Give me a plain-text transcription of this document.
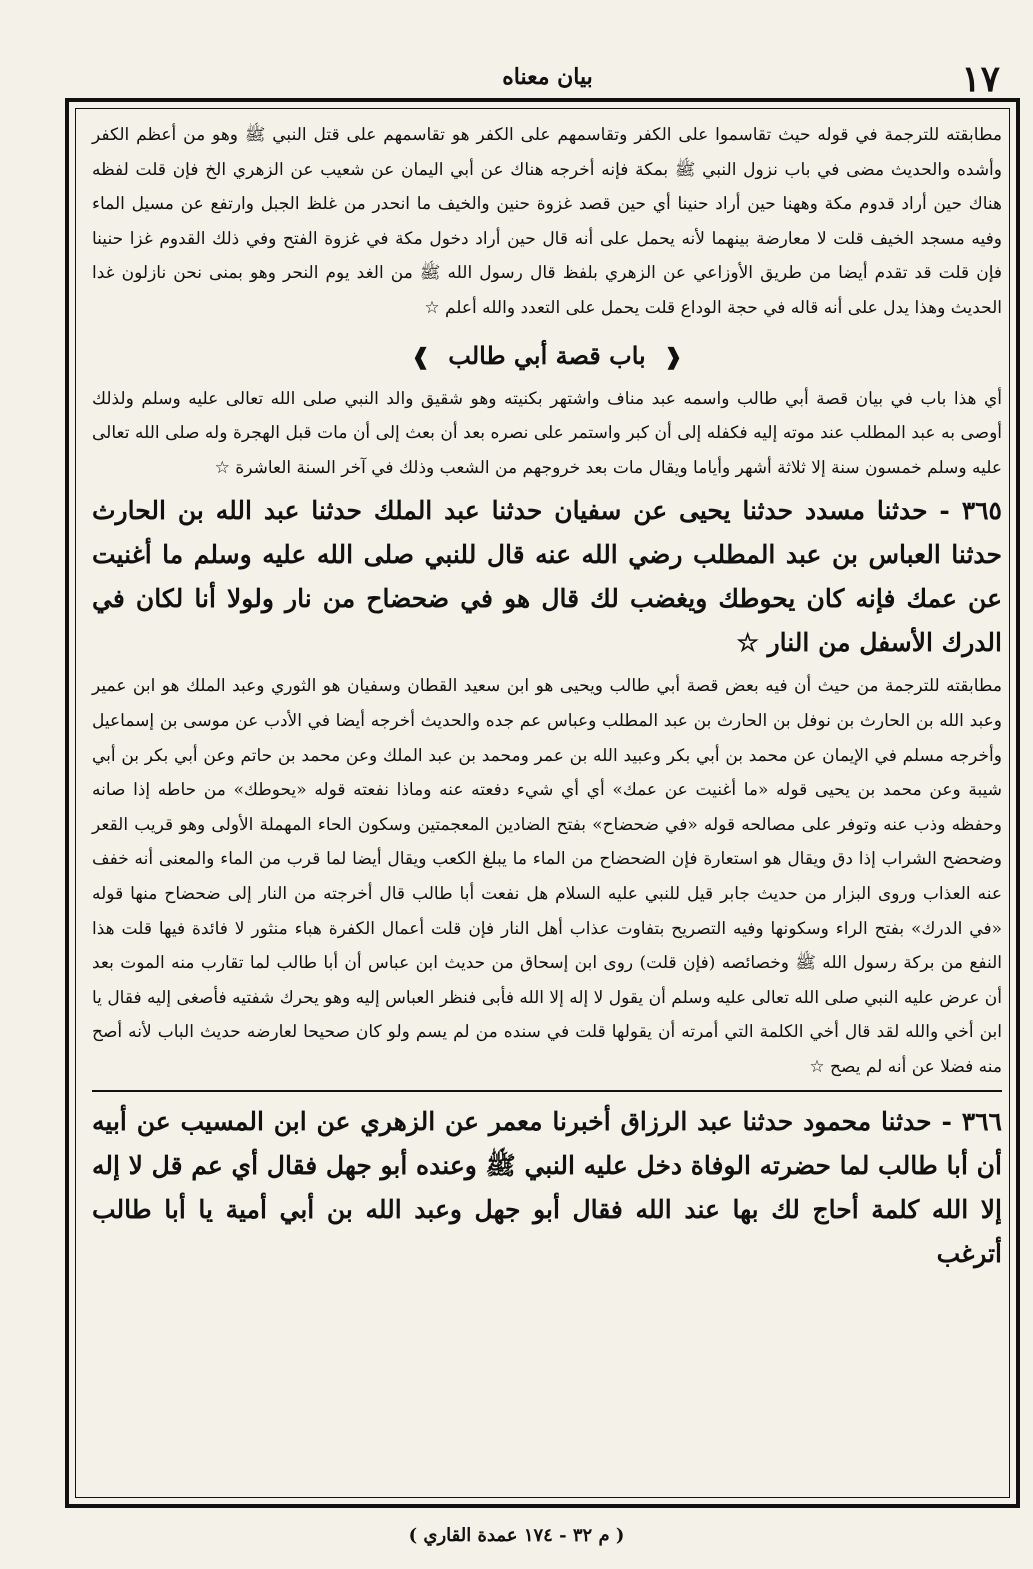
١٧
بيان معناه

مطابقته للترجمة في قوله حيث تقاسموا على الكفر وتقاسمهم على الكفر هو تقاسمهم على قتل النبي ﷺ وهو من أعظم الكفر وأشده والحديث مضى في باب نزول النبي ﷺ بمكة فإنه أخرجه هناك عن أبي اليمان عن شعيب عن الزهري الخ فإن قلت لفظه هناك حين أراد قدوم مكة وههنا حين أراد حنينا أي حين قصد غزوة حنين والخيف ما انحدر من غلظ الجبل وارتفع عن مسيل الماء وفيه مسجد الخيف قلت لا معارضة بينهما لأنه يحمل على أنه قال حين أراد دخول مكة في غزوة الفتح وفي ذلك القدوم غزا حنينا فإن قلت قد تقدم أيضا من طريق الأوزاعي عن الزهري بلفظ قال رسول الله ﷺ من الغد يوم النحر وهو بمنى نحن نازلون غدا الحديث وهذا يدل على أنه قاله في حجة الوداع قلت يحمل على التعدد والله أعلم ☆

❰ باب قصة أبي طالب ❱

أي هذا باب في بيان قصة أبي طالب واسمه عبد مناف واشتهر بكنيته وهو شقيق والد النبي صلى الله تعالى عليه وسلم ولذلك أوصى به عبد المطلب عند موته إليه فكفله إلى أن كبر واستمر على نصره بعد أن بعث إلى أن مات قبل الهجرة وله صلى الله تعالى عليه وسلم خمسون سنة إلا ثلاثة أشهر وأياما ويقال مات بعد خروجهم من الشعب وذلك في آخر السنة العاشرة ☆

٣٦٥ - حدثنا مسدد حدثنا يحيى عن سفيان حدثنا عبد الملك حدثنا عبد الله بن الحارث حدثنا العباس بن عبد المطلب رضي الله عنه قال للنبي صلى الله عليه وسلم ما أغنيت عن عمك فإنه كان يحوطك ويغضب لك قال هو في ضحضاح من نار ولولا أنا لكان في الدرك الأسفل من النار ☆

مطابقته للترجمة من حيث أن فيه بعض قصة أبي طالب ويحيى هو ابن سعيد القطان وسفيان هو الثوري وعبد الملك هو ابن عمير وعبد الله بن الحارث بن نوفل بن الحارث بن عبد المطلب وعباس عم جده والحديث أخرجه أيضا في الأدب عن موسى بن إسماعيل وأخرجه مسلم في الإيمان عن محمد بن أبي بكر وعبيد الله بن عمر ومحمد بن عبد الملك وعن محمد بن حاتم وعن أبي بكر بن أبي شيبة وعن محمد بن يحيى قوله «ما أغنيت عن عمك» أي أي شيء دفعته عنه وماذا نفعته قوله «يحوطك» من حاطه إذا صانه وحفظه وذب عنه وتوفر على مصالحه قوله «في ضحضاح» بفتح الضادين المعجمتين وسكون الحاء المهملة الأولى وهو قريب القعر وضحضح الشراب إذا دق ويقال هو استعارة فإن الضحضاح من الماء ما يبلغ الكعب ويقال أيضا لما قرب من الماء والمعنى أنه خفف عنه العذاب وروى البزار من حديث جابر قيل للنبي عليه السلام هل نفعت أبا طالب قال أخرجته من النار إلى ضحضاح منها قوله «في الدرك» بفتح الراء وسكونها وفيه التصريح بتفاوت عذاب أهل النار فإن قلت أعمال الكفرة هباء منثور لا فائدة فيها قلت هذا النفع من بركة رسول الله ﷺ وخصائصه (فإن قلت) روى ابن إسحاق من حديث ابن عباس أن أبا طالب لما تقارب منه الموت بعد أن عرض عليه النبي صلى الله تعالى عليه وسلم أن يقول لا إله إلا الله فأبى فنظر العباس إليه وهو يحرك شفتيه فأصغى إليه فقال يا ابن أخي والله لقد قال أخي الكلمة التي أمرته أن يقولها قلت في سنده من لم يسم ولو كان صحيحا لعارضه حديث الباب لأنه أصح منه فضلا عن أنه لم يصح ☆

٣٦٦ - حدثنا محمود حدثنا عبد الرزاق أخبرنا معمر عن الزهري عن ابن المسيب عن أبيه أن أبا طالب لما حضرته الوفاة دخل عليه النبي ﷺ وعنده أبو جهل فقال أي عم قل لا إله إلا الله كلمة أحاج لك بها عند الله فقال أبو جهل وعبد الله بن أبي أمية يا أبا طالب أترغب

( م ٣٢ - ١٧٤ عمدة القاري )
